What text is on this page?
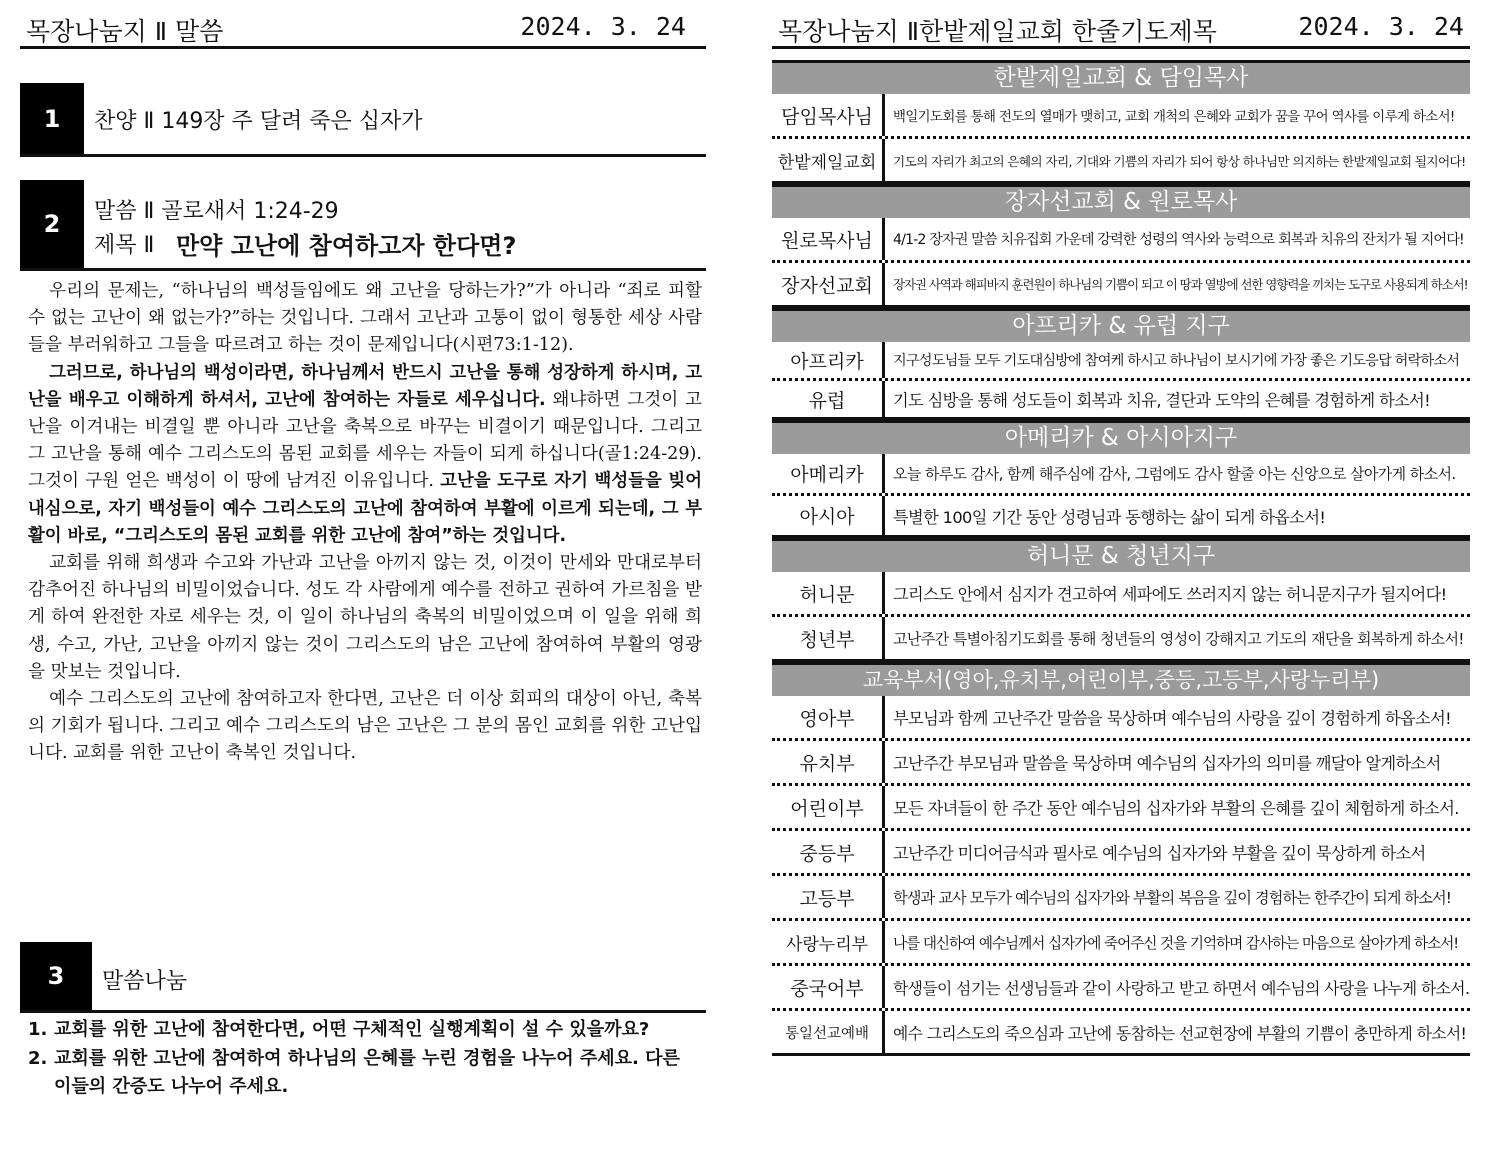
목장나눔지 Ⅱ 말씀	2024. 3. 24
1	찬양 Ⅱ 149장 주 달려 죽은 십자가
2	말씀 Ⅱ 골로새서 1:24-29
제목 Ⅱ 만약 고난에 참여하고자 한다면?

우리의 문제는, “하나님의 백성들임에도 왜 고난을 당하는가?”가 아니라 “죄로 피할 수 없는 고난이 왜 없는가?”하는 것입니다. 그래서 고난과 고통이 없이 형통한 세상 사람들을 부러워하고 그들을 따르려고 하는 것이 문제입니다(시편73:1-12).

그러므로, 하나님의 백성이라면, 하나님께서 반드시 고난을 통해 성장하게 하시며, 고난을 배우고 이해하게 하셔서, 고난에 참여하는 자들로 세우십니다. 왜냐하면 그것이 고난을 이겨내는 비결일 뿐 아니라 고난을 축복으로 바꾸는 비결이기 때문입니다. 그리고 그 고난을 통해 예수 그리스도의 몸된 교회를 세우는 자들이 되게 하십니다(골1:24-29). 그것이 구원 얻은 백성이 이 땅에 남겨진 이유입니다. 고난을 도구로 자기 백성들을 빚어내심으로, 자기 백성들이 예수 그리스도의 고난에 참여하여 부활에 이르게 되는데, 그 부활이 바로, “그리스도의 몸된 교회를 위한 고난에 참여”하는 것입니다.

교회를 위해 희생과 수고와 가난과 고난을 아끼지 않는 것, 이것이 만세와 만대로부터 감추어진 하나님의 비밀이었습니다. 성도 각 사람에게 예수를 전하고 권하여 가르침을 받게 하여 완전한 자로 세우는 것, 이 일이 하나님의 축복의 비밀이었으며 이 일을 위해 희생, 수고, 가난, 고난을 아끼지 않는 것이 그리스도의 남은 고난에 참여하여 부활의 영광을 맛보는 것입니다.

예수 그리스도의 고난에 참여하고자 한다면, 고난은 더 이상 회피의 대상이 아닌, 축복의 기회가 됩니다. 그리고 예수 그리스도의 남은 고난은 그 분의 몸인 교회를 위한 고난입니다. 교회를 위한 고난이 축복인 것입니다.

3	말씀나눔
1. 교회를 위한 고난에 참여한다면, 어떤 구체적인 실행계획이 설 수 있을까요?
2. 교회를 위한 고난에 참여하여 하나님의 은혜를 누린 경험을 나누어 주세요. 다른 이들의 간증도 나누어 주세요.
목장나눔지 Ⅱ한밭제일교회 한줄기도제목	2024. 3. 24
한밭제일교회 & 담임목사
담임목사님	백일기도회를 통해 전도의 열매가 맺히고, 교회 개척의 은혜와 교회가 꿈을 꾸어 역사를 이루게 하소서!
한밭제일교회	기도의 자리가 최고의 은혜의 자리, 기대와 기쁨의 자리가 되어 항상 하나님만 의지하는 한밭제일교회 될지어다!
장자선교회 & 원로목사
원로목사님	4/1-2 장자권 말씀 치유집회 가운데 강력한 성령의 역사와 능력으로 회복과 치유의 잔치가 될 지어다!
장자선교회	장자권 사역과 해피바지 훈련원이 하나님의 기쁨이 되고 이 땅과 열방에 선한 영향력을 끼치는 도구로 사용되게 하소서!
아프리카 & 유럽 지구
아프리카	지구성도님들 모두 기도대심방에 참여케 하시고 하나님이 보시기에 가장 좋은 기도응답 허락하소서
유럽	기도 심방을 통해 성도들이 회복과 치유, 결단과 도약의 은혜를 경험하게 하소서!
아메리카 & 아시아지구
아메리카	오늘 하루도 감사, 함께 해주심에 감사, 그럼에도 감사 할줄 아는 신앙으로 살아가게 하소서.
아시아	특별한 100일 기간 동안 성령님과 동행하는 삶이 되게 하옵소서!
허니문 & 청년지구
허니문	그리스도 안에서 심지가 견고하여 세파에도 쓰러지지 않는 허니문지구가 될지어다!
청년부	고난주간 특별아침기도회를 통해 청년들의 영성이 강해지고 기도의 재단을 회복하게 하소서!
교육부서(영아,유치부,어린이부,중등,고등부,사랑누리부)
영아부	부모님과 함께 고난주간 말씀을 묵상하며 예수님의 사랑을 깊이 경험하게 하옵소서!
유치부	고난주간 부모님과 말씀을 묵상하며 예수님의 십자가의 의미를 깨달아 알게하소서
어린이부	모든 자녀들이 한 주간 동안 예수님의 십자가와 부활의 은혜를 깊이 체험하게 하소서.
중등부	고난주간 미디어금식과 필사로 예수님의 십자가와 부활을 깊이 묵상하게 하소서
고등부	학생과 교사 모두가 예수님의 십자가와 부활의 복음을 깊이 경험하는 한주간이 되게 하소서!
사랑누리부	나를 대신하여 예수님께서 십자가에 죽어주신 것을 기억하며 감사하는 마음으로 살아가게 하소서!
중국어부	학생들이 섬기는 선생님들과 같이 사랑하고 받고 하면서 예수님의 사랑을 나누게 하소서.
통일선교예배	예수 그리스도의 죽으심과 고난에 동참하는 선교현장에 부활의 기쁨이 충만하게 하소서!
